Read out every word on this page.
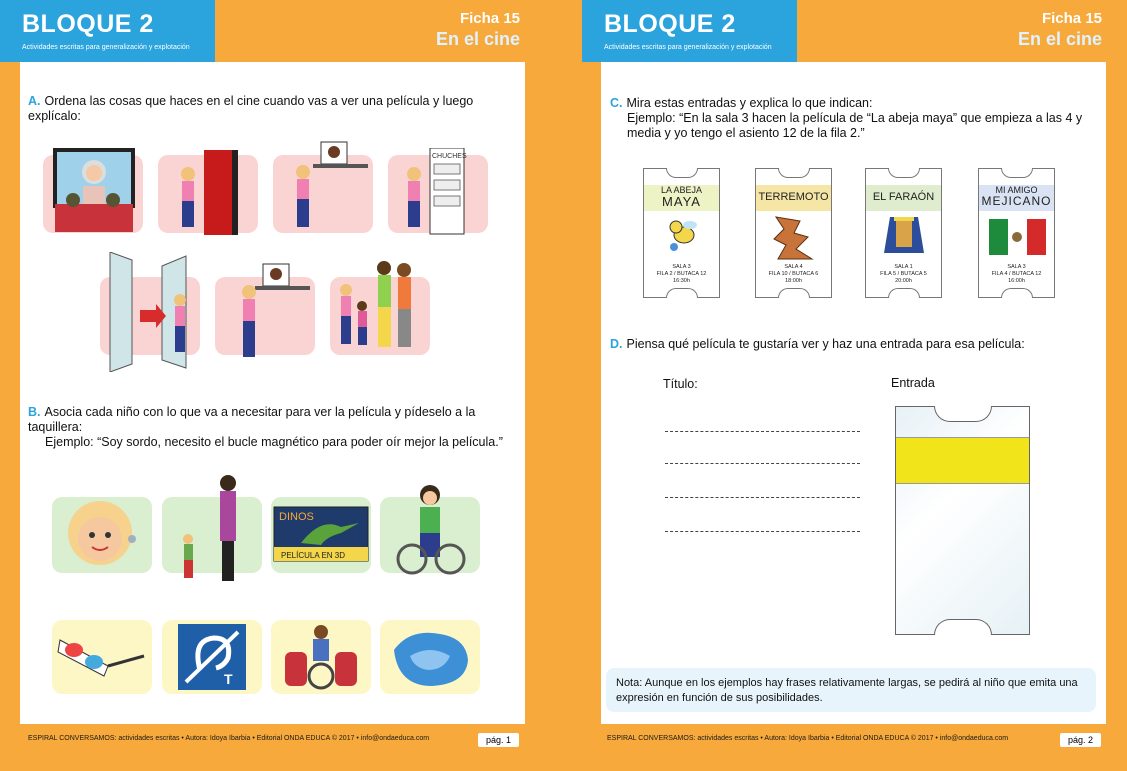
BLOQUE 2
Actividades escritas para generalización y explotación
Ficha 15
En el cine
A. Ordena las cosas que haces en el cine cuando vas a ver una película y luego explícalo:
CHUCHES
B. Asocia cada niño con lo que va a necesitar para ver la película y pídeselo a la taquillera:
Ejemplo: “Soy sordo, necesito el bucle magnético para poder oír mejor la película.”
DINOS
PELÍCULA EN 3D
T
ESPIRAL CONVERSAMOS: actividades escritas • Autora: Idoya Ibarbia • Editorial ONDA EDUCA © 2017 • info@ondaeduca.com	pág. 1
BLOQUE 2
Actividades escritas para generalización y explotación
Ficha 15
En el cine
ESPIRAL CONVERSAMOS: actividades escritas • Autora: Idoya Ibarbia • Editorial ONDA EDUCA © 2017 • info@ondaeduca.com	pág. 2
C. Mira estas entradas y explica lo que indican:
Ejemplo: “En la sala 3 hacen la película de “La abeja maya” que empieza a las 4 y media y yo tengo el asiento 12 de la fila 2.”
LA ABEJA
MAYA
SALA 3
FILA 2 / BUTACA 12
16:30h
TERREMOTO
SALA 4
FILA 10 / BUTACA 6
18:00h
EL FARAÓN
SALA 1
FILA 5 / BUTACA 5
20:00h
MI AMIGO
MEJICANO
SALA 3
FILA 4 / BUTACA 12
16:00h
D. Piensa qué película te gustaría ver y haz una entrada para esa película:
Título:	Entrada
Nota: Aunque en los ejemplos hay frases relativamente largas, se pedirá al niño que emita una expresión en función de sus posibilidades.
